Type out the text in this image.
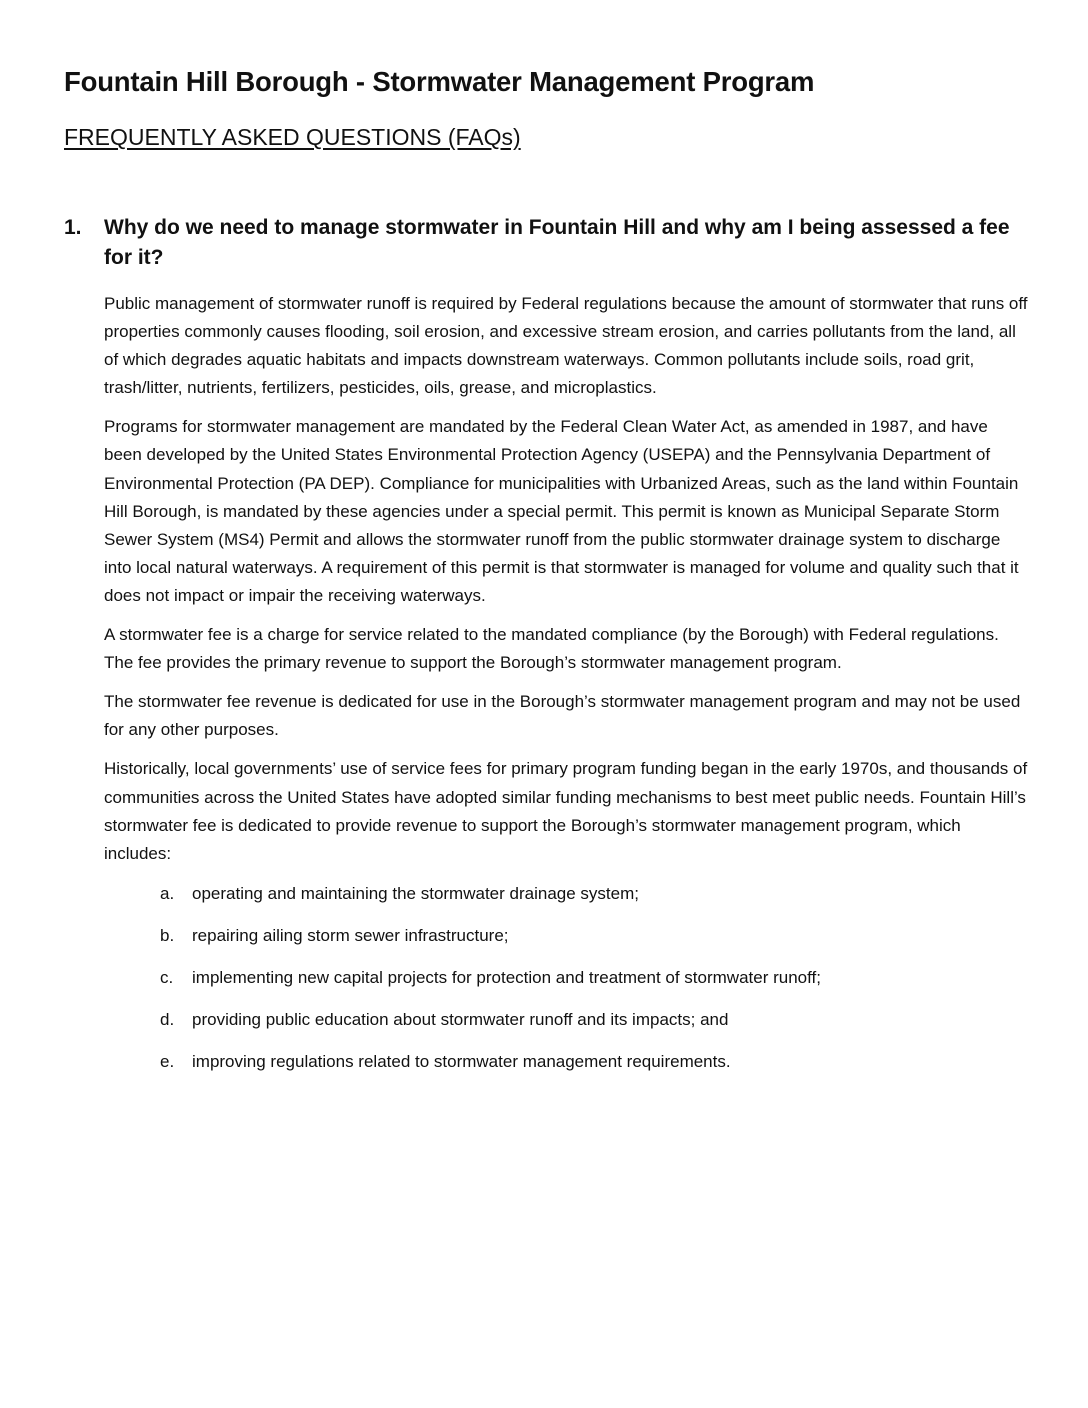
Fountain Hill Borough - Stormwater Management Program
FREQUENTLY ASKED QUESTIONS (FAQs)
1.	Why do we need to manage stormwater in Fountain Hill and why am I being assessed a fee for it?

Public management of stormwater runoff is required by Federal regulations because the amount of stormwater that runs off properties commonly causes flooding, soil erosion, and excessive stream erosion, and carries pollutants from the land, all of which degrades aquatic habitats and impacts downstream waterways. Common pollutants include soils, road grit, trash/litter, nutrients, fertilizers, pesticides, oils, grease, and microplastics.

Programs for stormwater management are mandated by the Federal Clean Water Act, as amended in 1987, and have been developed by the United States Environmental Protection Agency (USEPA) and the Pennsylvania Department of Environmental Protection (PA DEP). Compliance for municipalities with Urbanized Areas, such as the land within Fountain Hill Borough, is mandated by these agencies under a special permit. This permit is known as Municipal Separate Storm Sewer System (MS4) Permit and allows the stormwater runoff from the public stormwater drainage system to discharge into local natural waterways. A requirement of this permit is that stormwater is managed for volume and quality such that it does not impact or impair the receiving waterways.

A stormwater fee is a charge for service related to the mandated compliance (by the Borough) with Federal regulations. The fee provides the primary revenue to support the Borough’s stormwater management program.

The stormwater fee revenue is dedicated for use in the Borough’s stormwater management program and may not be used for any other purposes.

Historically, local governments’ use of service fees for primary program funding began in the early 1970s, and thousands of communities across the United States have adopted similar funding mechanisms to best meet public needs. Fountain Hill’s stormwater fee is dedicated to provide revenue to support the Borough’s stormwater management program, which includes:

a.	operating and maintaining the stormwater drainage system;
b.	repairing ailing storm sewer infrastructure;
c.	implementing new capital projects for protection and treatment of stormwater runoff;
d.	providing public education about stormwater runoff and its impacts; and
e.	improving regulations related to stormwater management requirements.
